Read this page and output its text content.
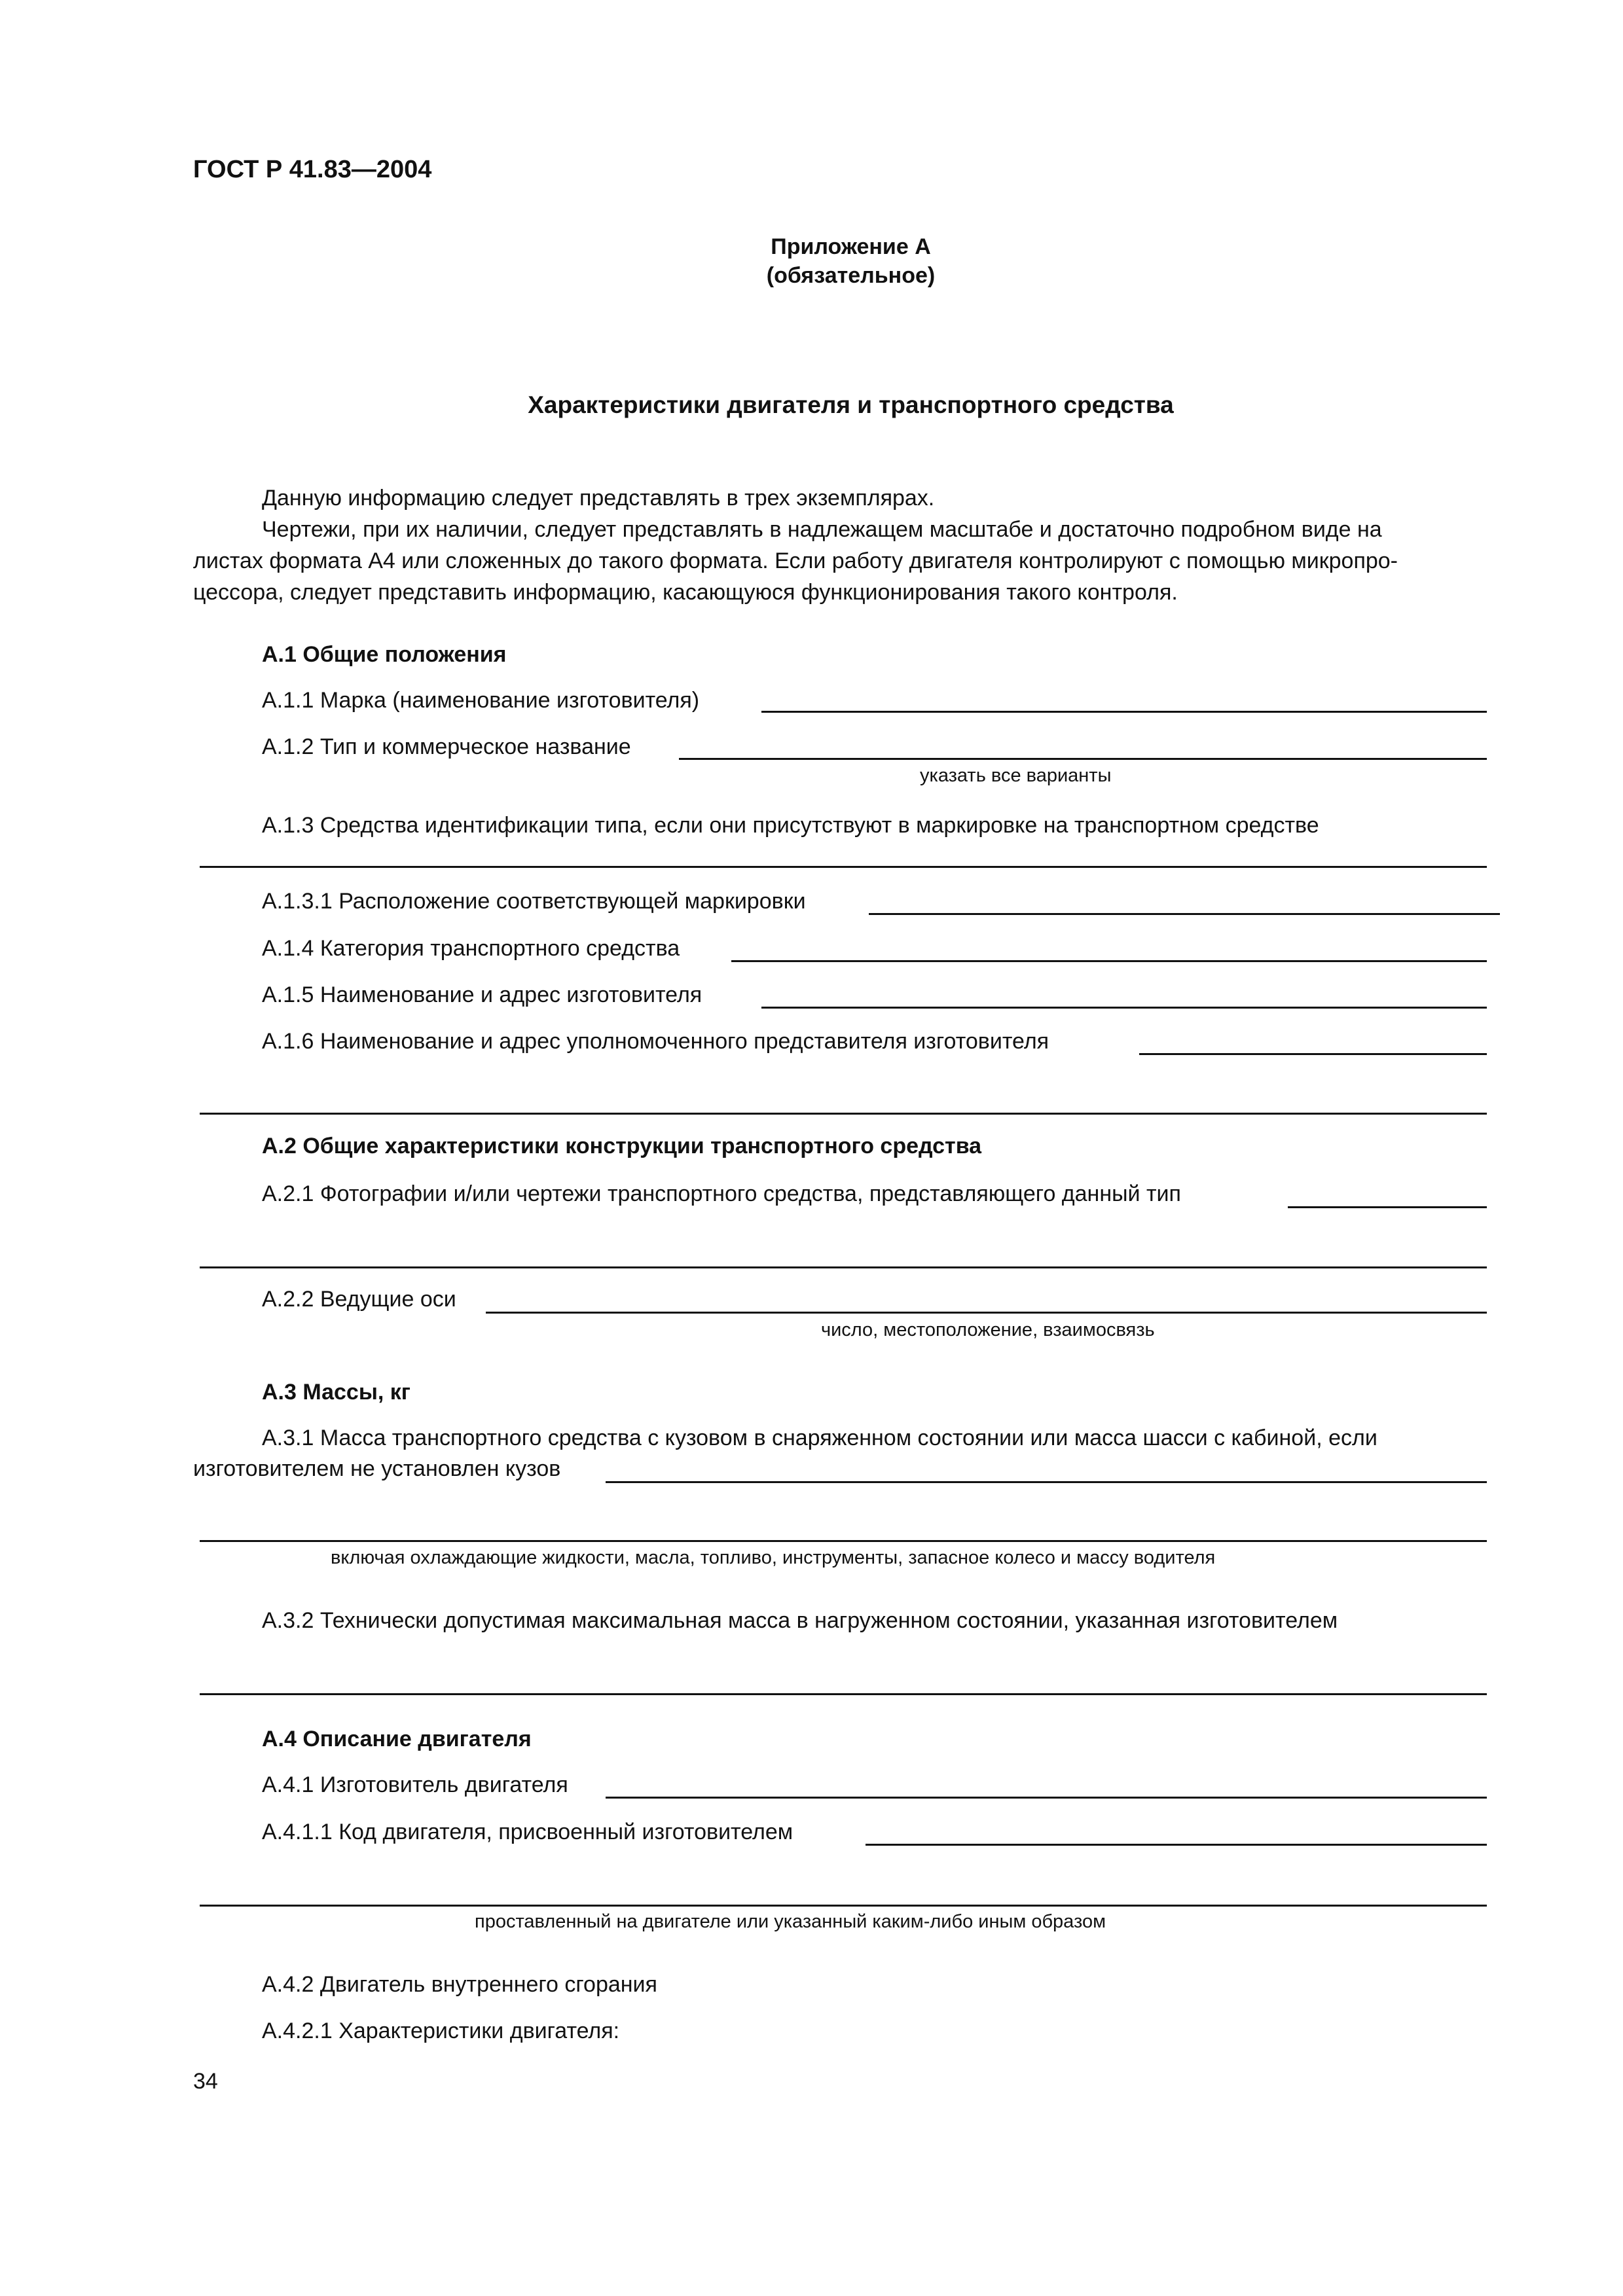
ГОСТ Р 41.83—2004
Приложение А
(обязательное)
Характеристики двигателя и транспортного средства
Данную информацию следует представлять в трех экземплярах.
Чертежи, при их наличии, следует представлять в надлежащем масштабе и достаточно подробном виде на
листах формата А4 или сложенных до такого формата. Если работу двигателя контролируют с помощью микропро-
цессора, следует представить информацию, касающуюся функционирования такого контроля.
А.1 Общие положения
А.1.1 Марка (наименование изготовителя)
А.1.2 Тип и коммерческое название
указать все варианты
А.1.3 Средства идентификации типа, если они присутствуют в маркировке на транспортном средстве
А.1.3.1 Расположение соответствующей маркировки
А.1.4 Категория транспортного средства
А.1.5 Наименование и адрес изготовителя
А.1.6 Наименование и адрес уполномоченного представителя изготовителя
А.2 Общие характеристики конструкции транспортного средства
А.2.1 Фотографии и/или чертежи транспортного средства, представляющего данный тип
А.2.2 Ведущие оси
число, местоположение, взаимосвязь
А.3 Массы, кг
А.3.1 Масса транспортного средства с кузовом в снаряженном состоянии или масса шасси с кабиной, если
изготовителем не установлен кузов
включая охлаждающие жидкости, масла, топливо, инструменты, запасное колесо и массу водителя
А.3.2 Технически допустимая максимальная масса в нагруженном состоянии, указанная изготовителем
А.4 Описание двигателя
А.4.1 Изготовитель двигателя
А.4.1.1 Код двигателя, присвоенный изготовителем
проставленный на двигателе или указанный каким-либо иным образом
А.4.2 Двигатель внутреннего сгорания
А.4.2.1 Характеристики двигателя:
34
